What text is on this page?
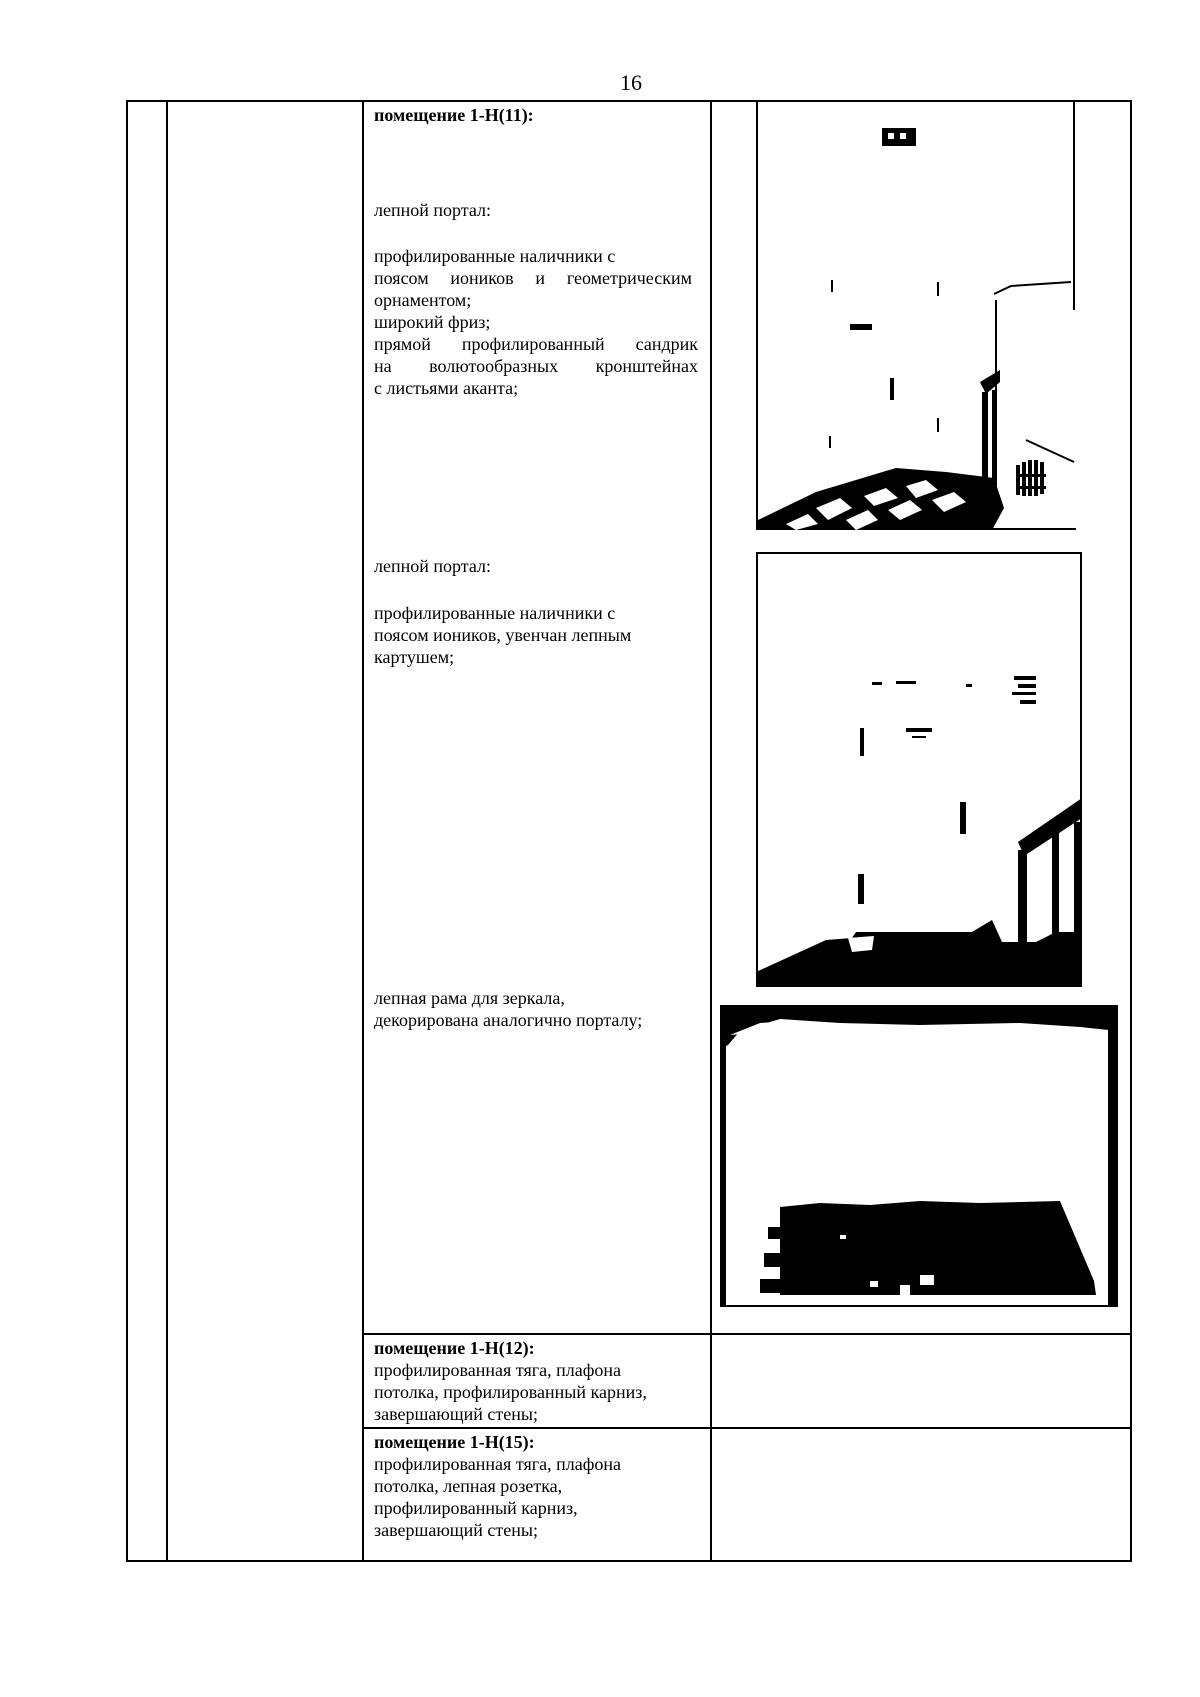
16
помещение 1-Н(11):
лепной портал:
профилированные наличники с
поясом иоников и геометрическим
орнаментом;
широкий фриз;
прямой профилированный сандрик
на волютообразных кронштейнах
с листьями аканта;
лепной портал:
профилированные наличники с
поясом иоников, увенчан лепным
картушем;
лепная рама для зеркала,
декорирована аналогично порталу;
помещение 1-Н(12):
профилированная тяга, плафона
потолка, профилированный карниз,
завершающий стены;
помещение 1-Н(15):
профилированная тяга, плафона
потолка, лепная розетка,
профилированный карниз,
завершающий стены;
